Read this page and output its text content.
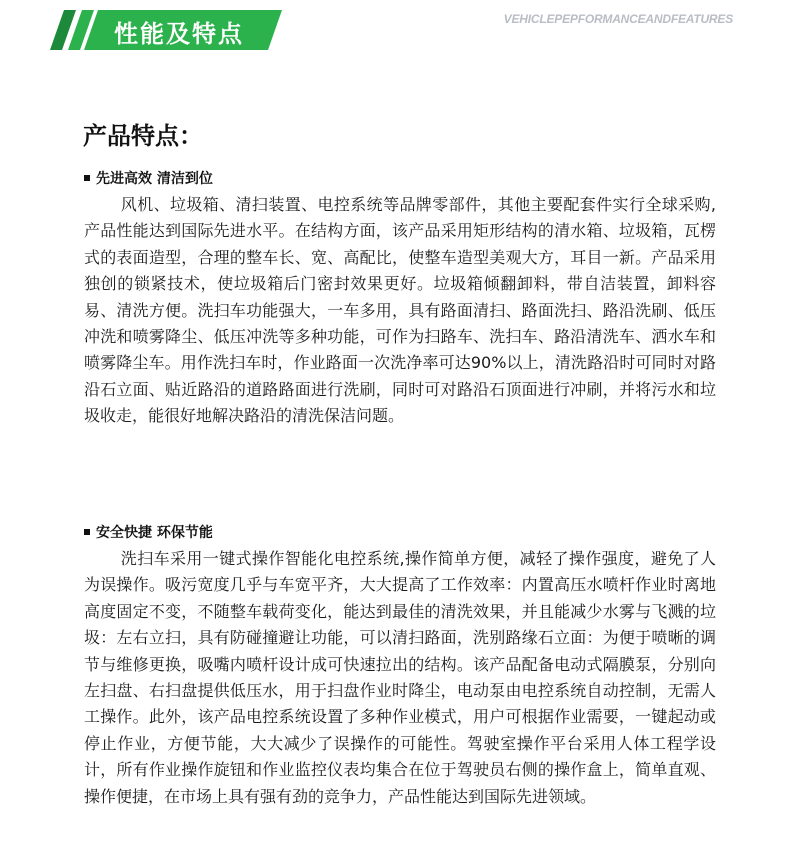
性能及特点
VEHICLEPEPFORMANCEANDFEATURES
产品特点：
先进高效 清洁到位
风机、垃圾箱、清扫装置、电控系统等品牌零部件，其他主要配套件实行全球采购,产品性能达到国际先进水平。在结构方面，该产品采用矩形结构的清水箱、垃圾箱，瓦楞式的表面造型，合理的整车长、宽、高配比，使整车造型美观大方，耳目一新。产品采用独创的锁紧技术，使垃圾箱后门密封效果更好。垃圾箱倾翻卸料，带自洁装置，卸料容易、清洗方便。洗扫车功能强大，一车多用，具有路面清扫、路面洗扫、路沿洗刷、低压冲洗和喷雾降尘、低压冲洗等多种功能，可作为扫路车、洗扫车、路沿清洗车、洒水车和喷雾降尘车。用作洗扫车时，作业路面一次洗净率可达90%以上，清洗路沿时可同时对路沿石立面、贴近路沿的道路路面进行洗刷，同时可对路沿石顶面进行冲刷，并将污水和垃圾收走，能很好地解决路沿的清洗保洁问题。
安全快捷 环保节能
洗扫车采用一键式操作智能化电控系统,操作简单方便，减轻了操作强度，避免了人为误操作。吸污宽度几乎与车宽平齐，大大提高了工作效率：内置高压水喷杆作业时离地高度固定不变，不随整车载荷变化，能达到最佳的清洗效果，并且能减少水雾与飞溅的垃圾：左右立扫，具有防碰撞避让功能，可以清扫路面，洗别路缘石立面：为便于喷晰的调节与维修更换，吸嘴内喷杆设计成可快速拉出的结构。该产品配备电动式隔膜泵，分别向左扫盘、右扫盘提供低压水，用于扫盘作业时降尘，电动泵由电控系统自动控制，无需人工操作。此外，该产品电控系统设置了多种作业模式，用户可根据作业需要，一键起动或停止作业，方便节能，大大减少了误操作的可能性。驾驶室操作平台采用人体工程学设计，所有作业操作旋钮和作业监控仪表均集合在位于驾驶员右侧的操作盒上，简单直观、操作便捷，在市场上具有强有劲的竞争力，产品性能达到国际先进领域。
